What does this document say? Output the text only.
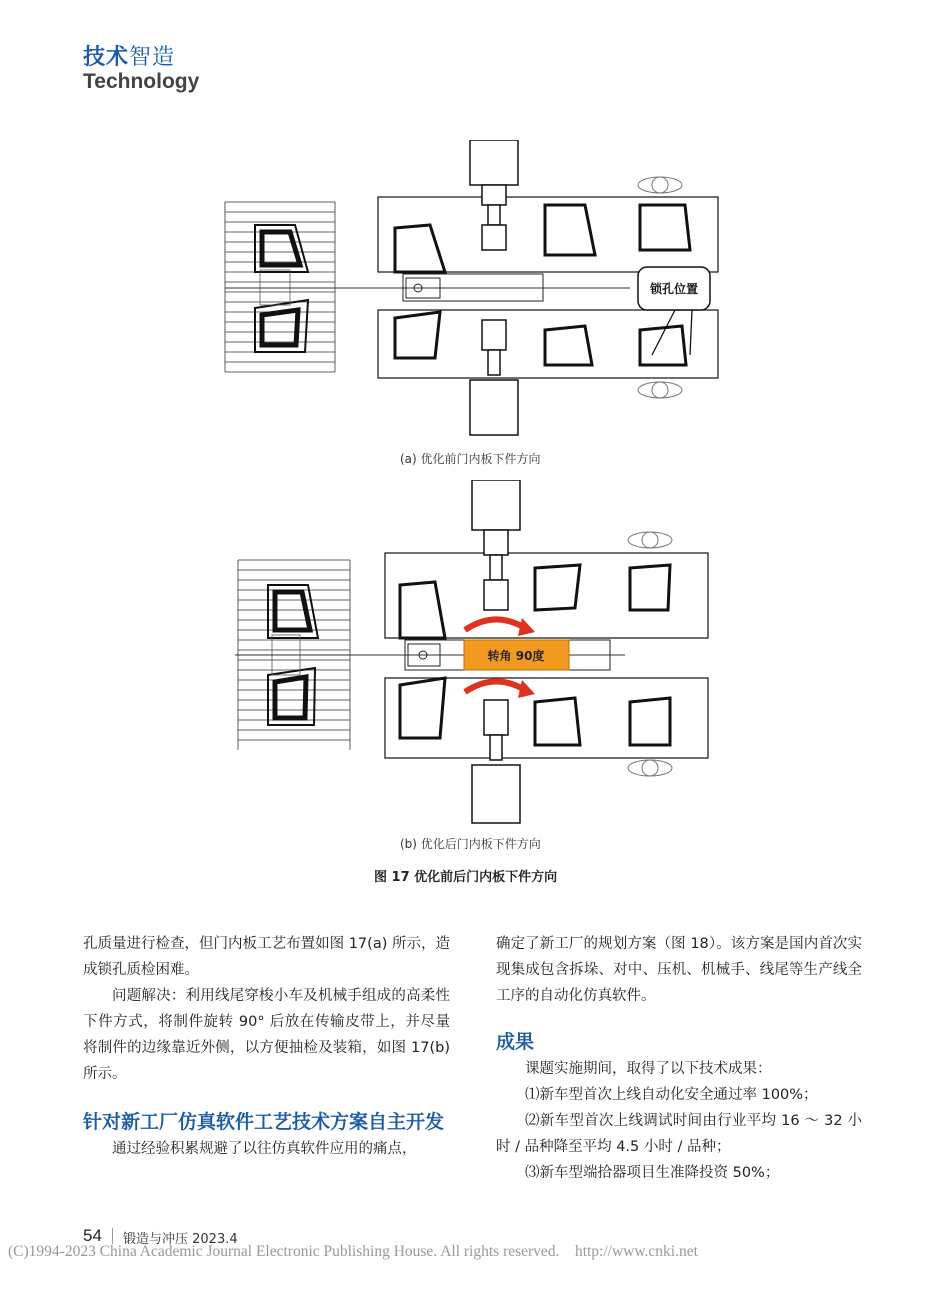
技术智造
Technology
锁孔位置
(a) 优化前门内板下件方向
转角 90度
(b) 优化后门内板下件方向
图 17 优化前后门内板下件方向

孔质量进行检查，但门内板工艺布置如图 17(a) 所示，造成锁孔质检困难。

问题解决：利用线尾穿梭小车及机械手组成的高柔性下件方式，将制件旋转 90° 后放在传输皮带上，并尽量将制件的边缘靠近外侧，以方便抽检及装箱，如图 17(b) 所示。

针对新工厂仿真软件工艺技术方案自主开发

通过经验积累规避了以往仿真软件应用的痛点，

确定了新工厂的规划方案（图 18）。该方案是国内首次实现集成包含拆垛、对中、压机、机械手、线尾等生产线全工序的自动化仿真软件。

成果

课题实施期间，取得了以下技术成果：

⑴新车型首次上线自动化安全通过率 100%；

⑵新车型首次上线调试时间由行业平均 16 ～ 32 小时 / 品种降至平均 4.5 小时 / 品种；

⑶新车型端拾器项目生准降投资 50%；

54 锻造与冲压 2023.4
(C)1994-2023 China Academic Journal Electronic Publishing House. All rights reserved.    http://www.cnki.net
